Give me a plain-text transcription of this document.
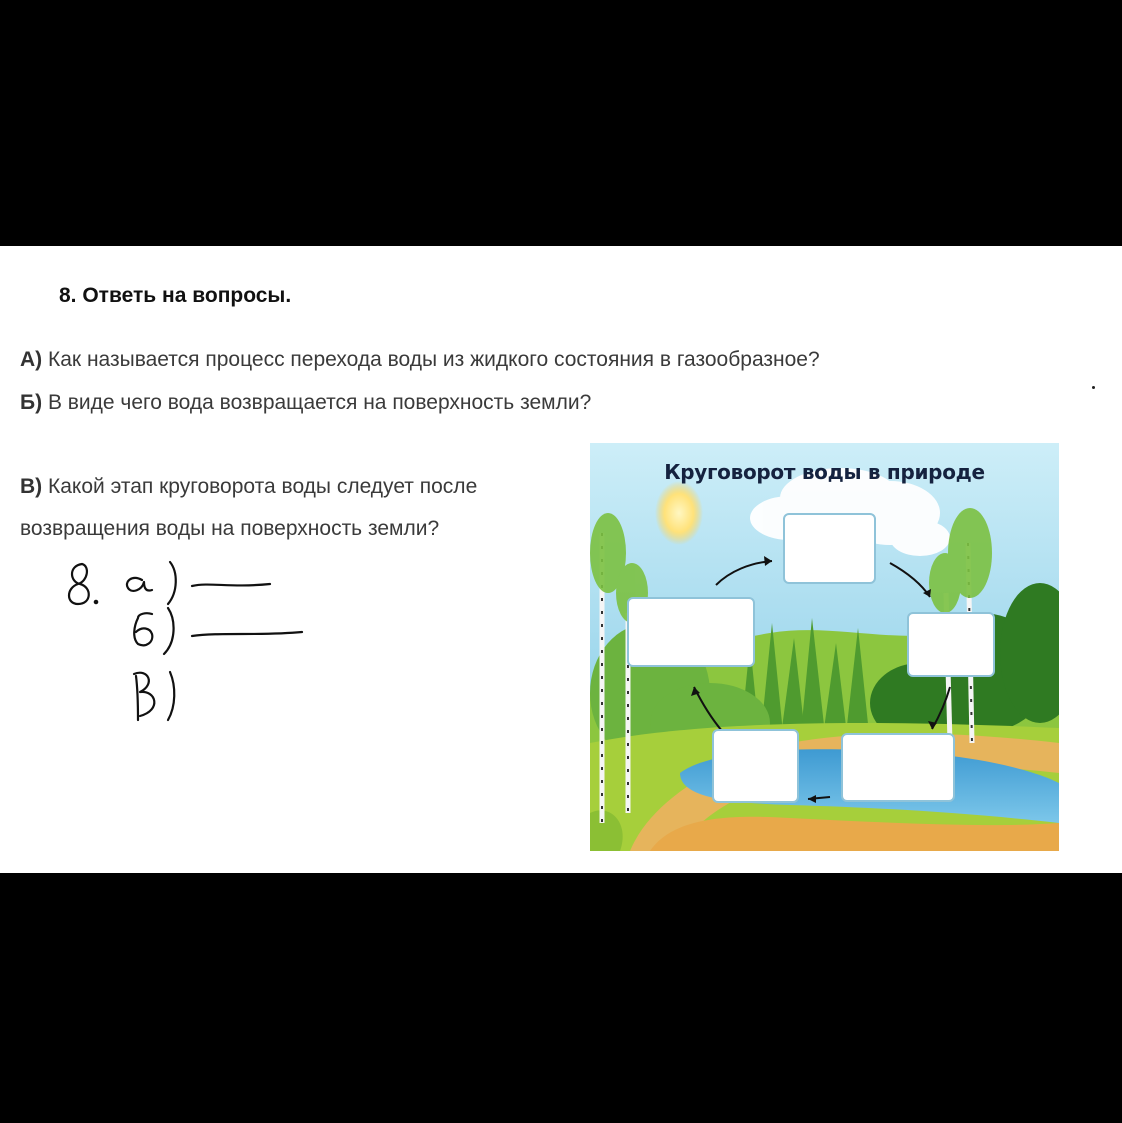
8. Ответь на вопросы.
А) Как называется процесс перехода воды из жидкого состояния в газообразное?
Б) В виде чего вода возвращается на поверхность земли?
В) Какой этап круговорота воды следует после
возвращения воды на поверхность земли?
Круговорот воды в природе
